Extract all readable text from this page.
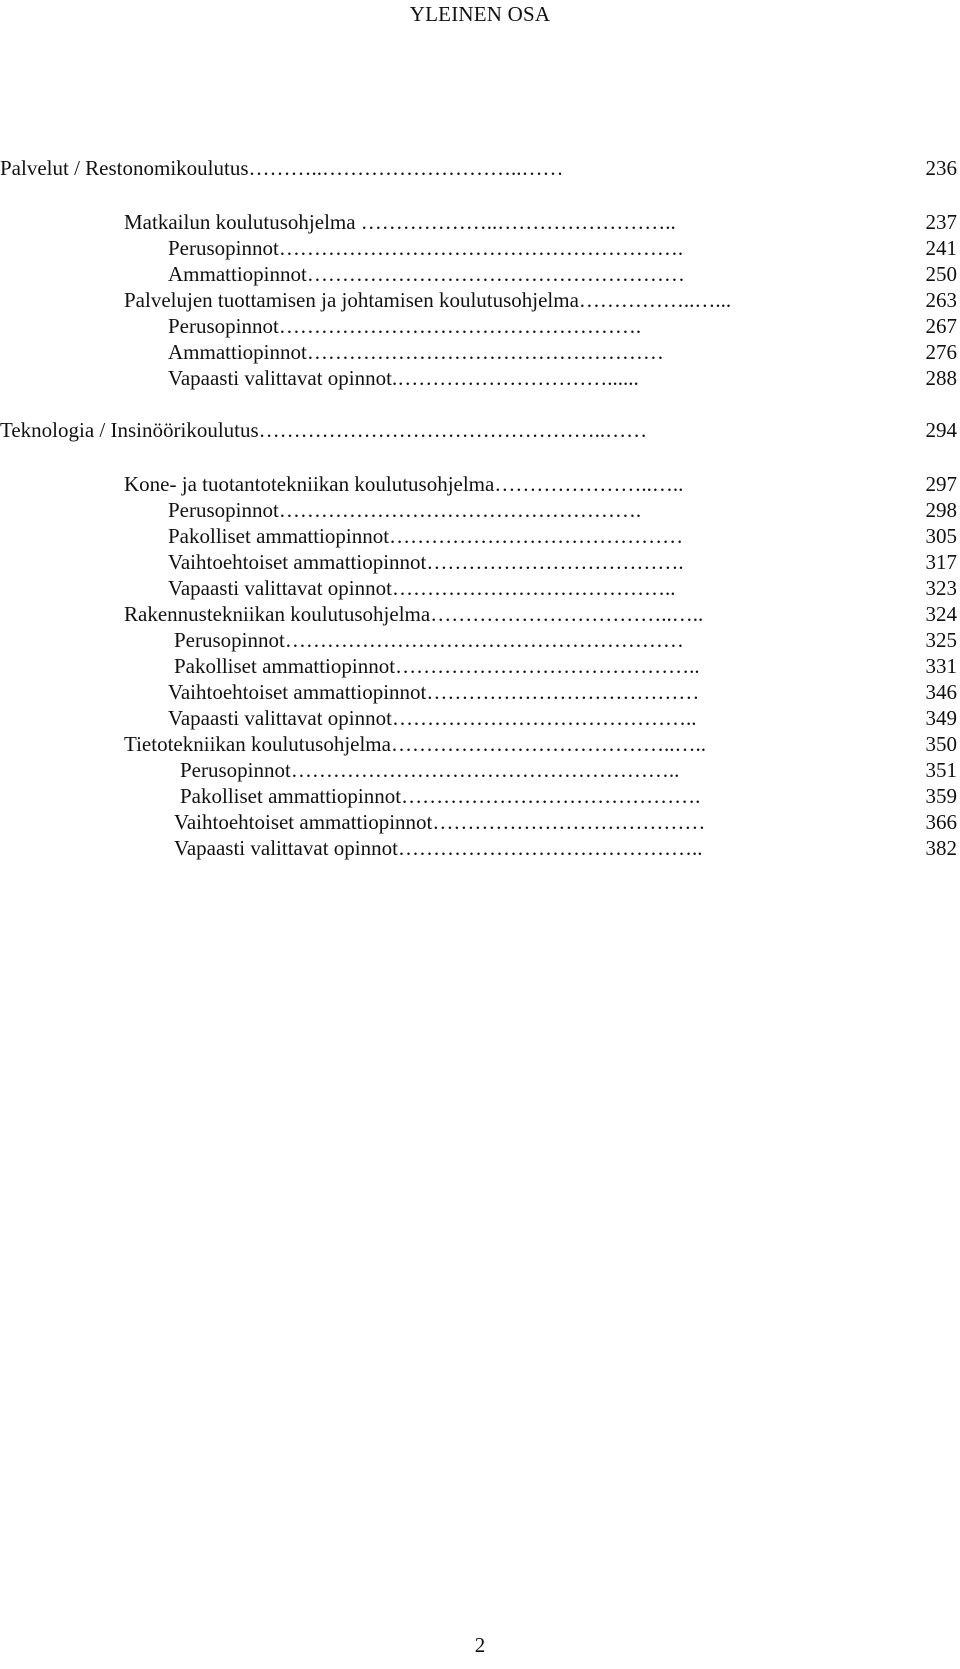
YLEINEN OSA
Palvelut / Restonomikoulutus………..………………………..……	236
Matkailun koulutusohjelma ………………..……………………..	237
Perusopinnot………………………………………………….	241
Ammattiopinnot………………………………………………	250
Palvelujen tuottamisen ja johtamisen koulutusohjelma……………..…...	263
Perusopinnot…………………………………………….	267
Ammattiopinnot……………………………………………	276
Vapaasti valittavat opinnot.…………………………......	288
Teknologia / Insinöörikoulutus…………………………………………..……	294
Kone- ja tuotantotekniikan koulutusohjelma…………………..…..	297
Perusopinnot…………………………………………….	298
Pakolliset ammattiopinnot……………………………………	305
Vaihtoehtoiset ammattiopinnot……………………………….	317
Vapaasti valittavat opinnot…………………………………..	323
Rakennustekniikan koulutusohjelma……………………………..…..	324
Perusopinnot…………………………………………………	325
Pakolliset ammattiopinnot……………………………………..	331
Vaihtoehtoiset ammattiopinnot…………………………………	346
Vapaasti valittavat opinnot……………………………………..	349
Tietotekniikan koulutusohjelma…………………………………..…..	350
Perusopinnot………………………………………………..	351
Pakolliset ammattiopinnot…………………………………….	359
Vaihtoehtoiset ammattiopinnot…………………………………	366
Vapaasti valittavat opinnot……………………………………..	382
2
